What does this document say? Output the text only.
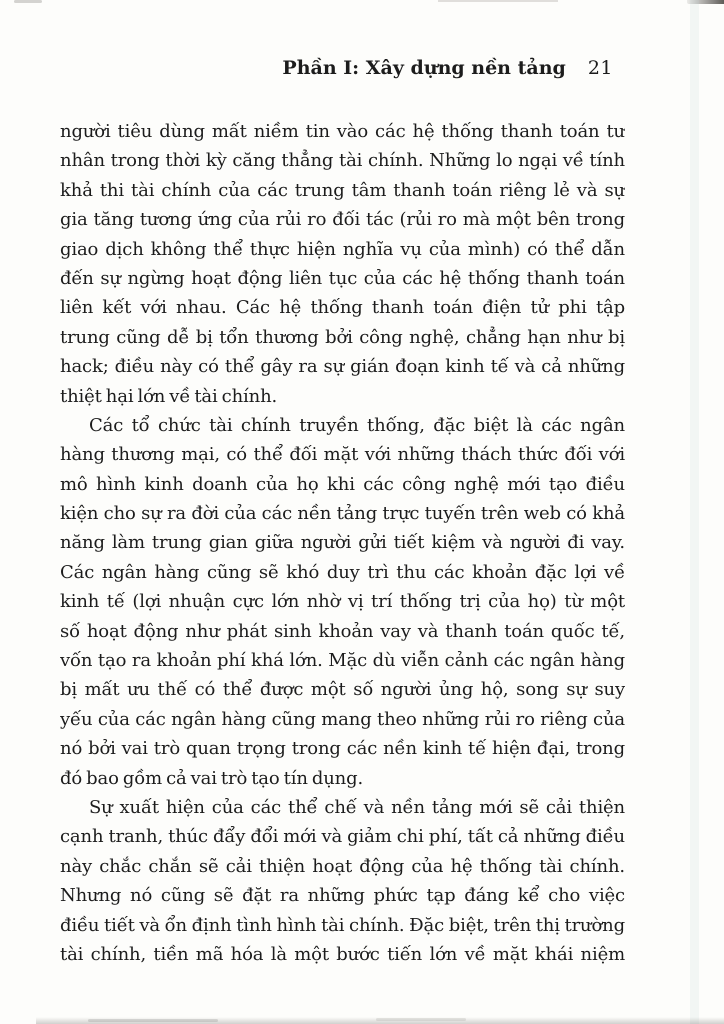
Phần I: Xây dựng nền tảng 21
người tiêu dùng mất niềm tin vào các hệ thống thanh toán tư
nhân trong thời kỳ căng thẳng tài chính. Những lo ngại về tính
khả thi tài chính của các trung tâm thanh toán riêng lẻ và sự
gia tăng tương ứng của rủi ro đối tác (rủi ro mà một bên trong
giao dịch không thể thực hiện nghĩa vụ của mình) có thể dẫn
đến sự ngừng hoạt động liên tục của các hệ thống thanh toán
liên kết với nhau. Các hệ thống thanh toán điện tử phi tập
trung cũng dễ bị tổn thương bởi công nghệ, chẳng hạn như bị
hack; điều này có thể gây ra sự gián đoạn kinh tế và cả những
thiệt hại lớn về tài chính.
Các tổ chức tài chính truyền thống, đặc biệt là các ngân
hàng thương mại, có thể đối mặt với những thách thức đối với
mô hình kinh doanh của họ khi các công nghệ mới tạo điều
kiện cho sự ra đời của các nền tảng trực tuyến trên web có khả
năng làm trung gian giữa người gửi tiết kiệm và người đi vay.
Các ngân hàng cũng sẽ khó duy trì thu các khoản đặc lợi về
kinh tế (lợi nhuận cực lớn nhờ vị trí thống trị của họ) từ một
số hoạt động như phát sinh khoản vay và thanh toán quốc tế,
vốn tạo ra khoản phí khá lớn. Mặc dù viễn cảnh các ngân hàng
bị mất ưu thế có thể được một số người ủng hộ, song sự suy
yếu của các ngân hàng cũng mang theo những rủi ro riêng của
nó bởi vai trò quan trọng trong các nền kinh tế hiện đại, trong
đó bao gồm cả vai trò tạo tín dụng.
Sự xuất hiện của các thể chế và nền tảng mới sẽ cải thiện
cạnh tranh, thúc đẩy đổi mới và giảm chi phí, tất cả những điều
này chắc chắn sẽ cải thiện hoạt động của hệ thống tài chính.
Nhưng nó cũng sẽ đặt ra những phức tạp đáng kể cho việc
điều tiết và ổn định tình hình tài chính. Đặc biệt, trên thị trường
tài chính, tiền mã hóa là một bước tiến lớn về mặt khái niệm
